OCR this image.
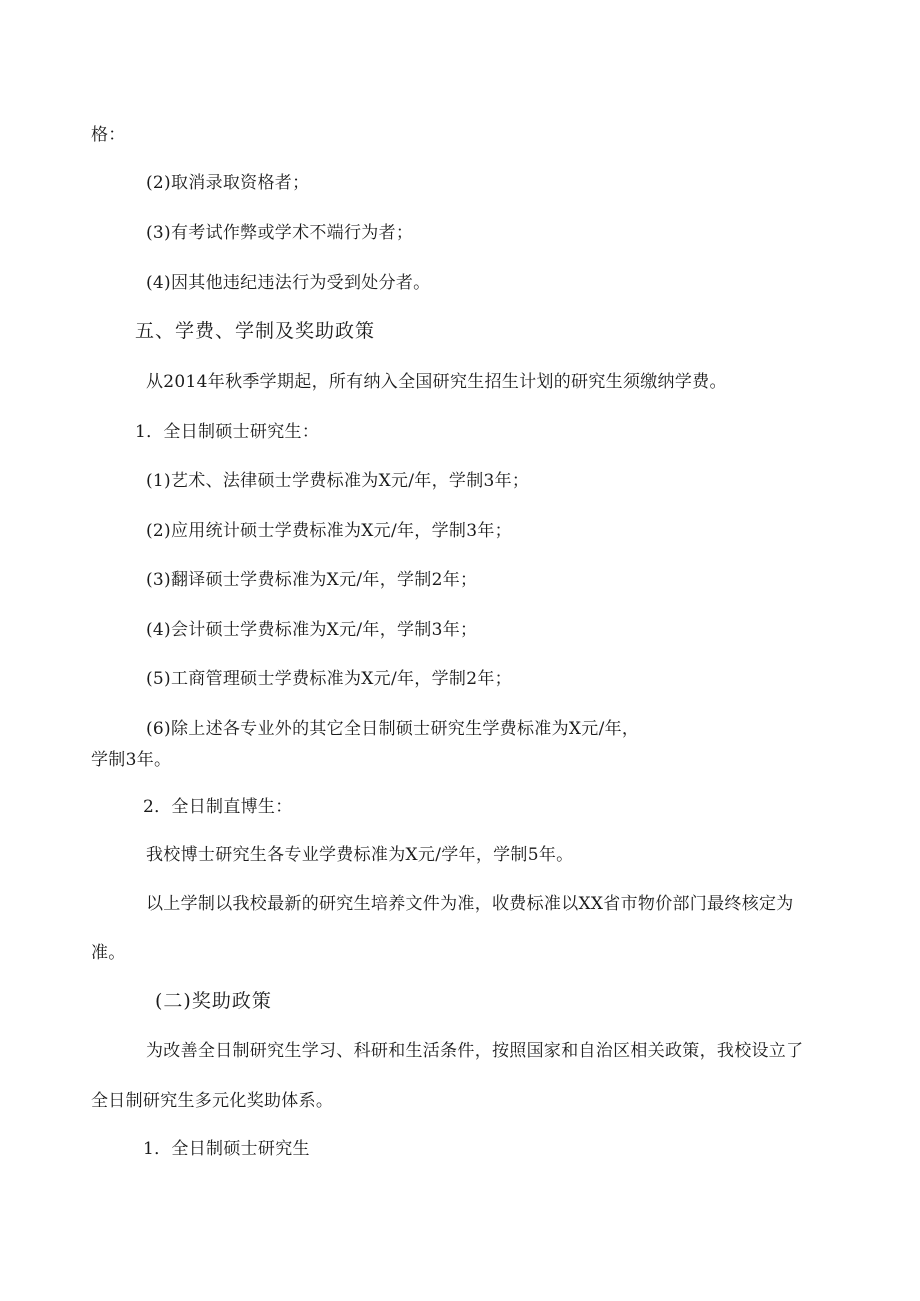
格：
(2)取消录取资格者；
(3)有考试作弊或学术不端行为者；
(4)因其他违纪违法行为受到处分者。
五、学费、学制及奖助政策
从2014年秋季学期起，所有纳入全国研究生招生计划的研究生须缴纳学费。
1．全日制硕士研究生：
(1)艺术、法律硕士学费标准为X元/年，学制3年；
(2)应用统计硕士学费标准为X元/年，学制3年；
(3)翻译硕士学费标准为X元/年，学制2年；
(4)会计硕士学费标准为X元/年，学制3年；
(5)工商管理硕士学费标准为X元/年，学制2年；
(6)除上述各专业外的其它全日制硕士研究生学费标准为X元/年，
学制3年。
2．全日制直博生：
我校博士研究生各专业学费标准为X元/学年，学制5年。
以上学制以我校最新的研究生培养文件为准，收费标准以XX省市物价部门最终核定为
准。
(二)奖助政策
为改善全日制研究生学习、科研和生活条件，按照国家和自治区相关政策，我校设立了
全日制研究生多元化奖助体系。
1．全日制硕士研究生
